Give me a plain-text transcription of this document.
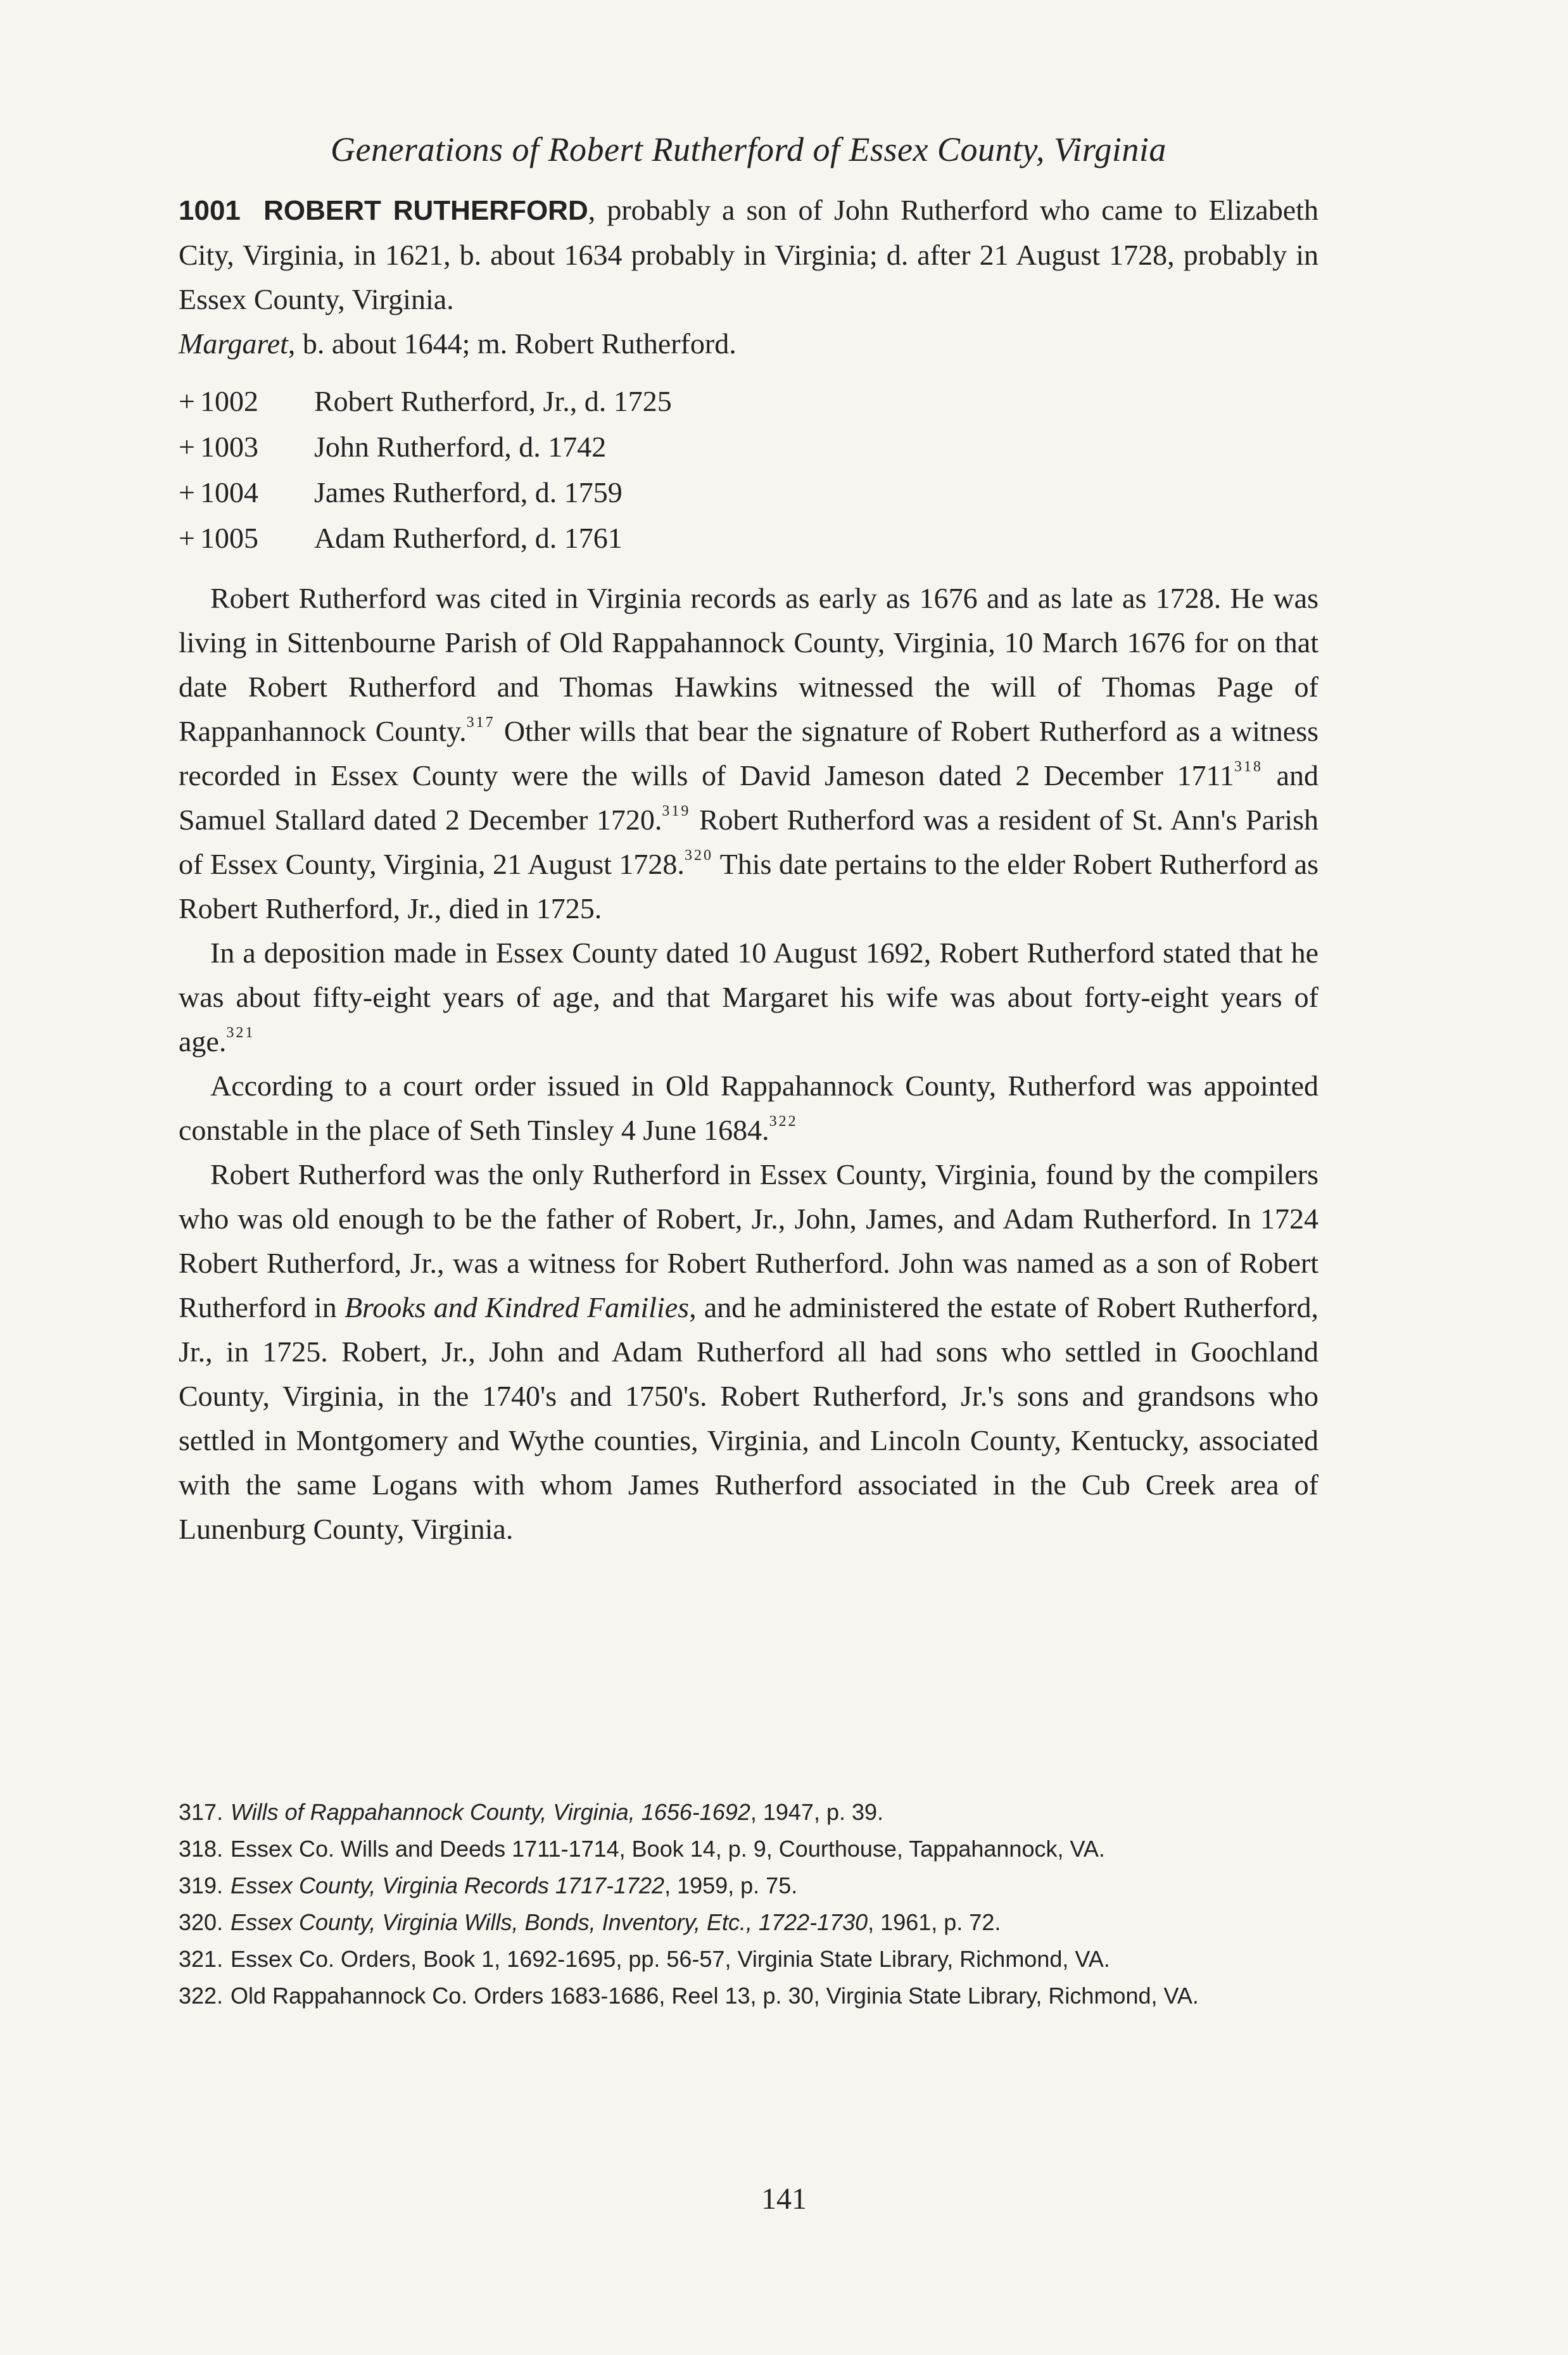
Generations of Robert Rutherford of Essex County, Virginia

1001 ROBERT RUTHERFORD, probably a son of John Rutherford who came to Elizabeth City, Virginia, in 1621, b. about 1634 probably in Virginia; d. after 21 August 1728, probably in Essex County, Virginia.

Margaret, b. about 1644; m. Robert Rutherford.

+ 1002	Robert Rutherford, Jr., d. 1725
+ 1003	John Rutherford, d. 1742
+ 1004	James Rutherford, d. 1759
+ 1005	Adam Rutherford, d. 1761

Robert Rutherford was cited in Virginia records as early as 1676 and as late as 1728. He was living in Sittenbourne Parish of Old Rappahannock County, Virginia, 10 March 1676 for on that date Robert Rutherford and Thomas Hawkins witnessed the will of Thomas Page of Rappanhannock County.$^{317}$ Other wills that bear the signature of Robert Rutherford as a witness recorded in Essex County were the wills of David Jameson dated 2 December 1711$^{318}$ and Samuel Stallard dated 2 December 1720.$^{319}$ Robert Rutherford was a resident of St. Ann's Parish of Essex County, Virginia, 21 August 1728.$^{320}$ This date pertains to the elder Robert Rutherford as Robert Rutherford, Jr., died in 1725.

In a deposition made in Essex County dated 10 August 1692, Robert Rutherford stated that he was about fifty-eight years of age, and that Margaret his wife was about forty-eight years of age.$^{321}$

According to a court order issued in Old Rappahannock County, Rutherford was appointed constable in the place of Seth Tinsley 4 June 1684.$^{322}$

Robert Rutherford was the only Rutherford in Essex County, Virginia, found by the compilers who was old enough to be the father of Robert, Jr., John, James, and Adam Rutherford. In 1724 Robert Rutherford, Jr., was a witness for Robert Rutherford. John was named as a son of Robert Rutherford in Brooks and Kindred Families, and he administered the estate of Robert Rutherford, Jr., in 1725. Robert, Jr., John and Adam Rutherford all had sons who settled in Goochland County, Virginia, in the 1740's and 1750's. Robert Rutherford, Jr.'s sons and grandsons who settled in Montgomery and Wythe counties, Virginia, and Lincoln County, Kentucky, associated with the same Logans with whom James Rutherford associated in the Cub Creek area of Lunenburg County, Virginia.

317. Wills of Rappahannock County, Virginia, 1656-1692, 1947, p. 39.
318. Essex Co. Wills and Deeds 1711-1714, Book 14, p. 9, Courthouse, Tappahannock, VA.
319. Essex County, Virginia Records 1717-1722, 1959, p. 75.
320. Essex County, Virginia Wills, Bonds, Inventory, Etc., 1722-1730, 1961, p. 72.
321. Essex Co. Orders, Book 1, 1692-1695, pp. 56-57, Virginia State Library, Richmond, VA.
322. Old Rappahannock Co. Orders 1683-1686, Reel 13, p. 30, Virginia State Library, Richmond, VA.
141
